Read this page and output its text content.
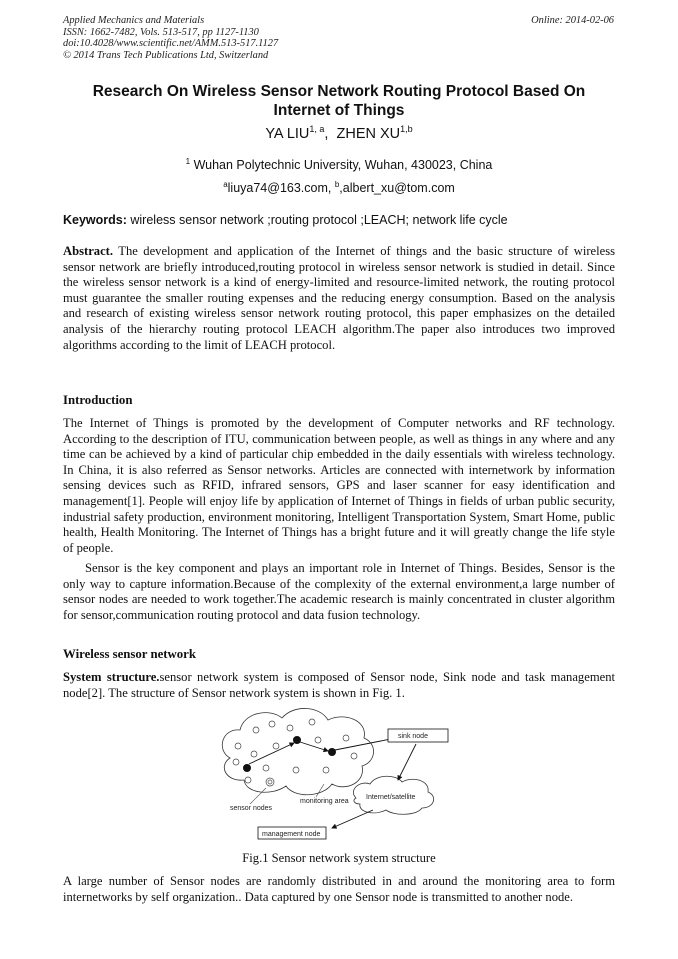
Applied Mechanics and Materials
ISSN: 1662-7482, Vols. 513-517, pp 1127-1130
doi:10.4028/www.scientific.net/AMM.513-517.1127
© 2014 Trans Tech Publications Ltd, Switzerland
Online: 2014-02-06
Research On Wireless Sensor Network Routing Protocol Based On Internet of Things
YA LIU$^{1, a}$,  ZHEN XU$^{1,b}$
$^1$ Wuhan Polytechnic University, Wuhan, 430023, China
$^a$liuya74@163.com, $^b$,albert_xu@tom.com
Keywords: wireless sensor network ;routing protocol ;LEACH; network life cycle
Abstract. The development and application of the Internet of things and the basic structure of wireless sensor network are briefly introduced,routing protocol in wireless sensor network is studied in detail. Since the wireless sensor network is a kind of energy-limited and resource-limited network, the routing protocol must guarantee the smaller routing expenses and the reducing energy consumption. Based on the analysis and research of existing wireless sensor network routing protocol, this paper emphasizes on the detailed analysis of the hierarchy routing protocol LEACH algorithm.The paper also introduces two improved algorithms according to the limit of LEACH protocol.
Introduction
The Internet of Things is promoted by the development of Computer networks and RF technology. According to the description of ITU, communication between people, as well as things in any where and any time can be achieved by a kind of particular chip embedded in the daily essentials with wireless technology. In China, it is also referred as Sensor networks. Articles are connected with internetwork by information sensing devices such as RFID, infrared sensors, GPS and laser scanner for easy identification and management[1]. People will enjoy life by application of Internet of Things in fields of urban public security, industrial safety production, environment monitoring, Intelligent Transportation System, Smart Home, public health, Health Monitoring. The Internet of Things has a bright future and it will greatly change the life style of people.
Sensor is the key component and plays an important role in Internet of Things. Besides, Sensor is the only way to capture information.Because of the complexity of the external environment,a large number of sensor nodes are needed to work together.The academic research is mainly concentrated in cluster algorithm for sensor,communication routing protocol and data fusion technology.
Wireless sensor network
System structure.sensor network system is composed of Sensor node, Sink node and task management node[2]. The structure of Sensor network system is shown in Fig. 1.
sink node
Internet/satellite
management node
sensor nodes
monitoring area
Fig.1 Sensor network system structure
A large number of Sensor nodes are randomly distributed in and around the monitoring area to form internetworks by self organization.. Data captured by one Sensor node is transmitted to another node.
